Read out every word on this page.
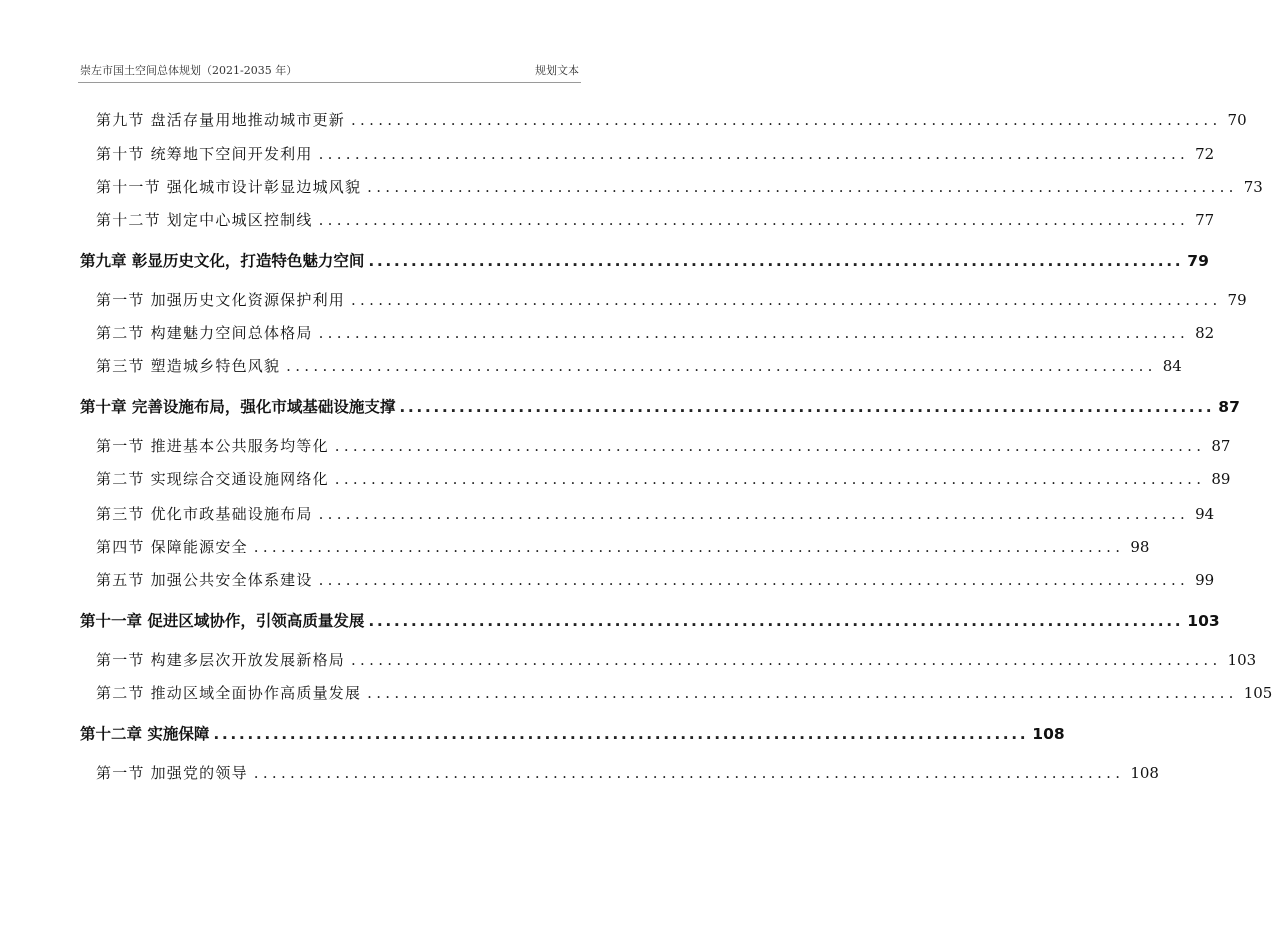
崇左市国土空间总体规划（2021-2035 年）	规划文本
第九节 盘活存量用地推动城市更新 ................................................................................................ 70
第十节 统筹地下空间开发利用 ................................................................................................ 72
第十一节 强化城市设计彰显边城风貌 ................................................................................................ 73
第十二节 划定中心城区控制线 ................................................................................................ 77
第九章 彰显历史文化，打造特色魅力空间 ................................................................................................ 79
第一节 加强历史文化资源保护利用 ................................................................................................ 79
第二节 构建魅力空间总体格局 ................................................................................................ 82
第三节 塑造城乡特色风貌 ................................................................................................ 84
第十章 完善设施布局，强化市域基础设施支撑 ................................................................................................ 87
第一节 推进基本公共服务均等化 ................................................................................................ 87
第二节 实现综合交通设施网络化 ................................................................................................ 89
第三节 优化市政基础设施布局 ................................................................................................ 94
第四节 保障能源安全 ................................................................................................ 98
第五节 加强公共安全体系建设 ................................................................................................ 99
第十一章 促进区域协作，引领高质量发展 ................................................................................................ 103
第一节 构建多层次开放发展新格局 ................................................................................................ 103
第二节 推动区域全面协作高质量发展 ................................................................................................ 105
第十二章 实施保障 ................................................................................................ 108
第一节 加强党的领导 ................................................................................................ 108
